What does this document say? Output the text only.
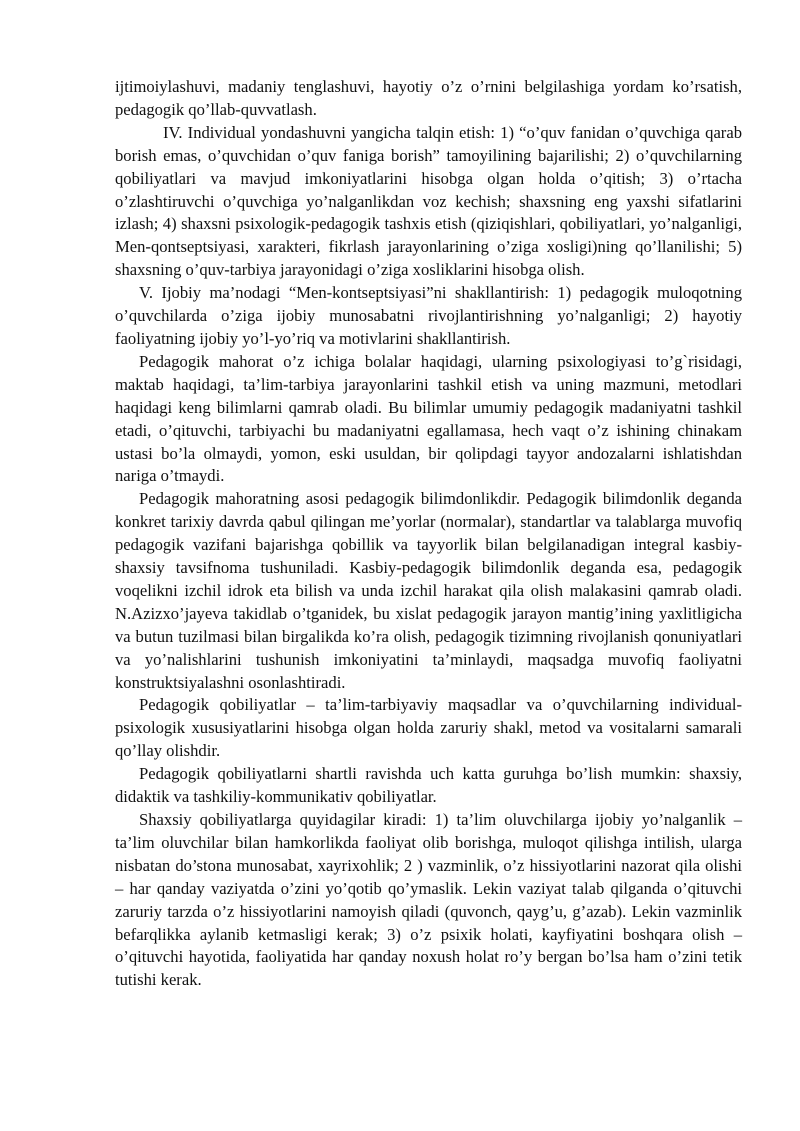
ijtimoiylashuvi, madaniy tenglashuvi, hayotiy o’z o’rnini belgilashiga yordam ko’rsatish, pedagogik qo’llab-quvvatlash.

IV. Individual yondashuvni yangicha talqin etish: 1) “o’quv fanidan o’quvchiga qarab borish emas, o’quvchidan o’quv faniga borish” tamoyilining bajarilishi; 2) o’quvchilarning qobiliyatlari va mavjud imkoniyatlarini hisobga olgan holda o’qitish; 3) o’rtacha o’zlashtiruvchi o’quvchiga yo’nalganlikdan voz kechish; shaxsning eng yaxshi sifatlarini izlash; 4) shaxsni psixologik-pedagogik tashxis etish (qiziqishlari, qobiliyatlari, yo’nalganligi, Men-qontseptsiyasi, xarakteri, fikrlash jarayonlarining o’ziga xosligi)ning qo’llanilishi; 5) shaxsning o’quv-tarbiya jarayonidagi o’ziga xosliklarini hisobga olish.

V. Ijobiy ma’nodagi “Men-kontseptsiyasi”ni shakllantirish: 1) pedagogik muloqotning o’quvchilarda o’ziga ijobiy munosabatni rivojlantirishning yo’nalganligi; 2) hayotiy faoliyatning ijobiy yo’l-yo’riq va motivlarini shakllantirish.

Pedagogik mahorat o’z ichiga bolalar haqidagi, ularning psixologiyasi to’g`risidagi, maktab haqidagi, ta’lim-tarbiya jarayonlarini tashkil etish va uning mazmuni, metodlari haqidagi keng bilimlarni qamrab oladi. Bu bilimlar umumiy pedagogik madaniyatni tashkil etadi, o’qituvchi, tarbiyachi bu madaniyatni egallamasa, hech vaqt o’z ishining chinakam ustasi bo’la olmaydi, yomon, eski usuldan, bir qolipdagi tayyor andozalarni ishlatishdan nariga o’tmaydi.

Pedagogik mahoratning asosi pedagogik bilimdonlikdir. Pedagogik bilimdonlik deganda konkret tarixiy davrda qabul qilingan me’yorlar (normalar), standartlar va talablarga muvofiq pedagogik vazifani bajarishga qobillik va tayyorlik bilan belgilanadigan integral kasbiy-shaxsiy tavsifnoma tushuniladi. Kasbiy-pedagogik bilimdonlik deganda esa, pedagogik voqelikni izchil idrok eta bilish va unda izchil harakat qila olish malakasini qamrab oladi. N.Azizxo’jayeva takidlab o’tganidek, bu xislat pedagogik jarayon mantig’ining yaxlitligicha va butun tuzilmasi bilan birgalikda ko’ra olish, pedagogik tizimning rivojlanish qonuniyatlari va yo’nalishlarini tushunish imkoniyatini ta’minlaydi, maqsadga muvofiq faoliyatni konstruktsiyalashni osonlashtiradi.

Pedagogik qobiliyatlar – ta’lim-tarbiyaviy maqsadlar va o’quvchilarning individual-psixologik xususiyatlarini hisobga olgan holda zaruriy shakl, metod va vositalarni samarali qo’llay olishdir.

Pedagogik qobiliyatlarni shartli ravishda uch katta guruhga bo’lish mumkin: shaxsiy, didaktik va tashkiliy-kommunikativ qobiliyatlar.

Shaxsiy qobiliyatlarga quyidagilar kiradi: 1) ta’lim oluvchilarga ijobiy yo’nalganlik – ta’lim oluvchilar bilan hamkorlikda faoliyat olib borishga, muloqot qilishga intilish, ularga nisbatan do’stona munosabat, xayrixohlik; 2 ) vazminlik, o’z hissiyotlarini nazorat qila olishi – har qanday vaziyatda o’zini yo’qotib qo’ymaslik. Lekin vaziyat talab qilganda o’qituvchi zaruriy tarzda o’z hissiyotlarini namoyish qiladi (quvonch, qayg’u, g’azab). Lekin vazminlik befarqlikka aylanib ketmasligi kerak; 3) o’z psixik holati, kayfiyatini boshqara olish – o’qituvchi hayotida, faoliyatida har qanday noxush holat ro’y bergan bo’lsa ham o’zini tetik tutishi kerak.
